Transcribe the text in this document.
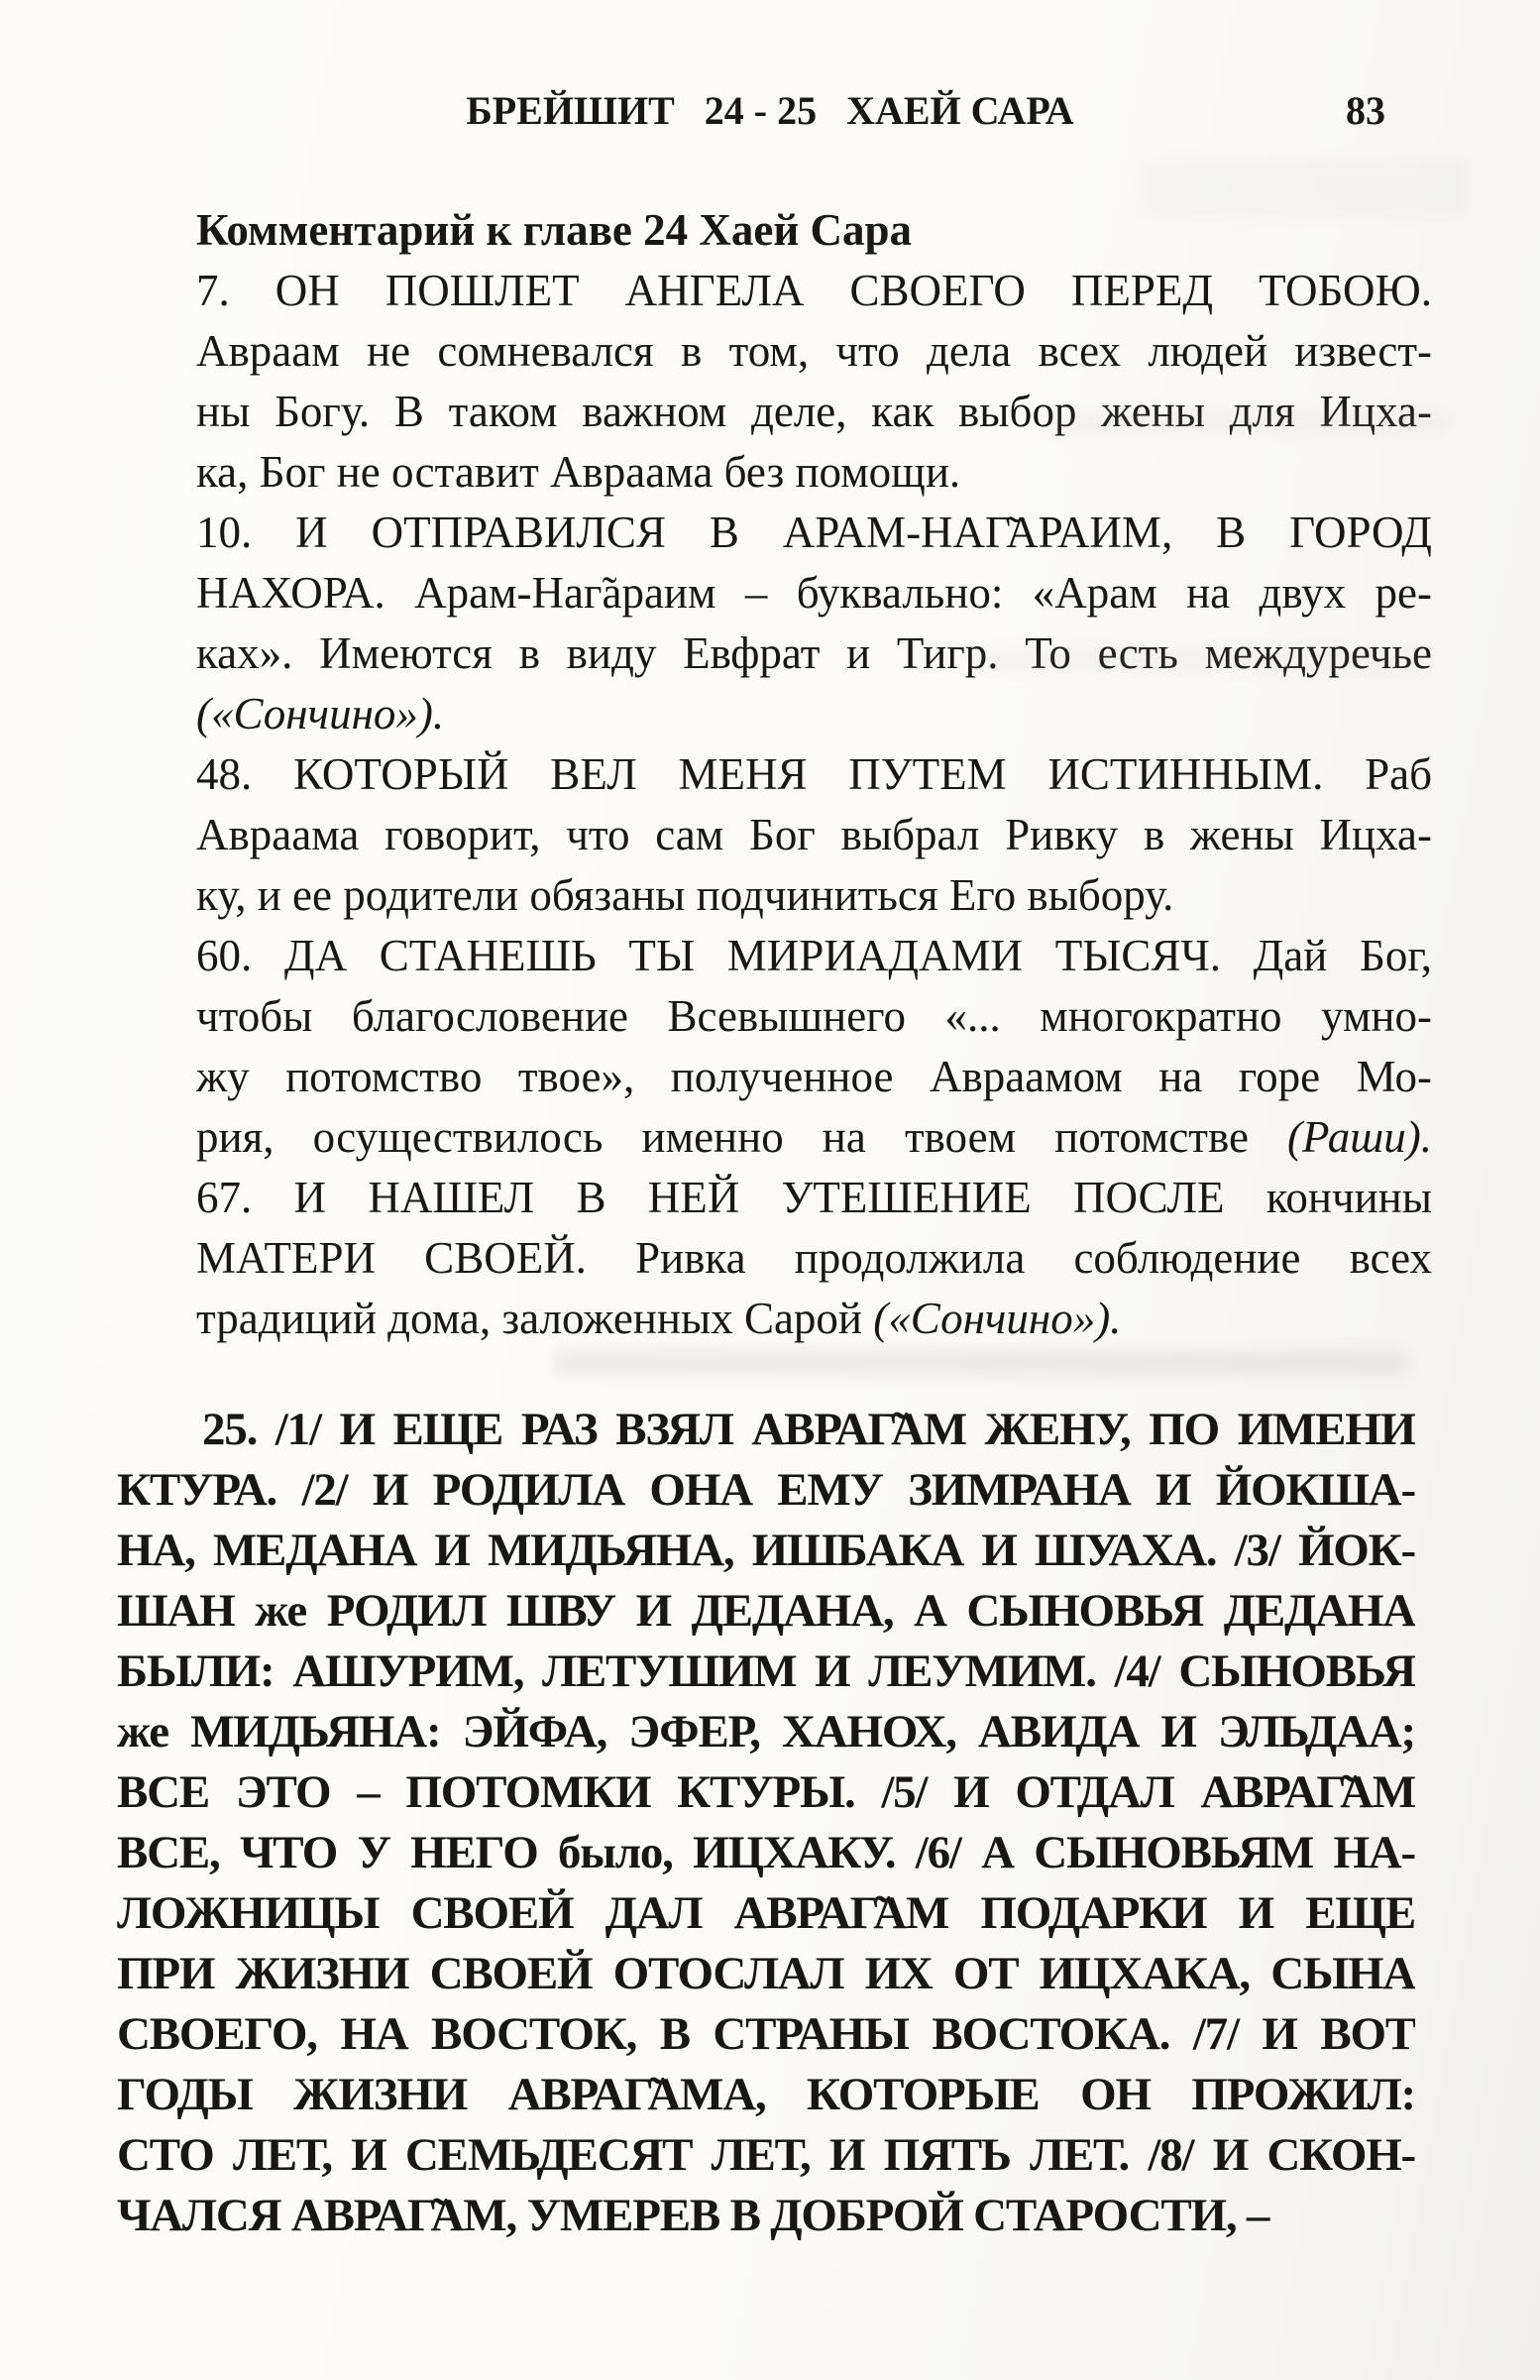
БРЕЙШИТ 24 - 25 ХАЕЙ САРА	83
Комментарий к главе 24 Хаей Сара
7. ОН ПОШЛЕТ АНГЕЛА СВОЕГО ПЕРЕД ТОБОЮ.
Авраам не сомневался в том, что дела всех людей извест-
ны Богу. В таком важном деле, как выбор жены для Ицха-
ка, Бог не оставит Авраама без помощи.
10. И ОТПРАВИЛСЯ В АРАМ-НАГ̃АРАИМ, В ГОРОД
НАХОРА. Арам-Наг̃араим – буквально: «Арам на двух ре-
ках». Имеются в виду Евфрат и Тигр. То есть междуречье
(«Сончино»).
48. КОТОРЫЙ ВЕЛ МЕНЯ ПУТЕМ ИСТИННЫМ. Раб
Авраама говорит, что сам Бог выбрал Ривку в жены Ицха-
ку, и ее родители обязаны подчиниться Его выбору.
60. ДА СТАНЕШЬ ТЫ МИРИАДАМИ ТЫСЯЧ. Дай Бог,
чтобы благословение Всевышнего «... многократно умно-
жу потомство твое», полученное Авраамом на горе Мо-
рия, осуществилось именно на твоем потомстве (Раши).
67. И НАШЕЛ В НЕЙ УТЕШЕНИЕ ПОСЛЕ кончины
МАТЕРИ СВОЕЙ. Ривка продолжила соблюдение всех
традиций дома, заложенных Сарой («Сончино»).
25. /1/ И ЕЩЕ РАЗ ВЗЯЛ АВРАГ̃АМ ЖЕНУ, ПО ИМЕНИ
КТУРА. /2/ И РОДИЛА ОНА ЕМУ ЗИМРАНА И ЙОКША-
НА, МЕДАНА И МИДЬЯНА, ИШБАКА И ШУАХА. /3/ ЙОК-
ШАН же РОДИЛ ШВУ И ДЕДАНА, А СЫНОВЬЯ ДЕДАНА
БЫЛИ: АШУРИМ, ЛЕТУШИМ И ЛЕУМИМ. /4/ СЫНОВЬЯ
же МИДЬЯНА: ЭЙФА, ЭФЕР, ХАНОХ, АВИДА И ЭЛЬДАА;
ВСЕ ЭТО – ПОТОМКИ КТУРЫ. /5/ И ОТДАЛ АВРАГ̃АМ
ВСЕ, ЧТО У НЕГО было, ИЦХАКУ. /6/ А СЫНОВЬЯМ НА-
ЛОЖНИЦЫ СВОЕЙ ДАЛ АВРАГ̃АМ ПОДАРКИ И ЕЩЕ
ПРИ ЖИЗНИ СВОЕЙ ОТОСЛАЛ ИХ ОТ ИЦХАКА, СЫНА
СВОЕГО, НА ВОСТОК, В СТРАНЫ ВОСТОКА. /7/ И ВОТ
ГОДЫ ЖИЗНИ АВРАГ̃АМА, КОТОРЫЕ ОН ПРОЖИЛ:
СТО ЛЕТ, И СЕМЬДЕСЯТ ЛЕТ, И ПЯТЬ ЛЕТ. /8/ И СКОН-
ЧАЛСЯ АВРАГ̃АМ, УМЕРЕВ В ДОБРОЙ СТАРОСТИ, –
